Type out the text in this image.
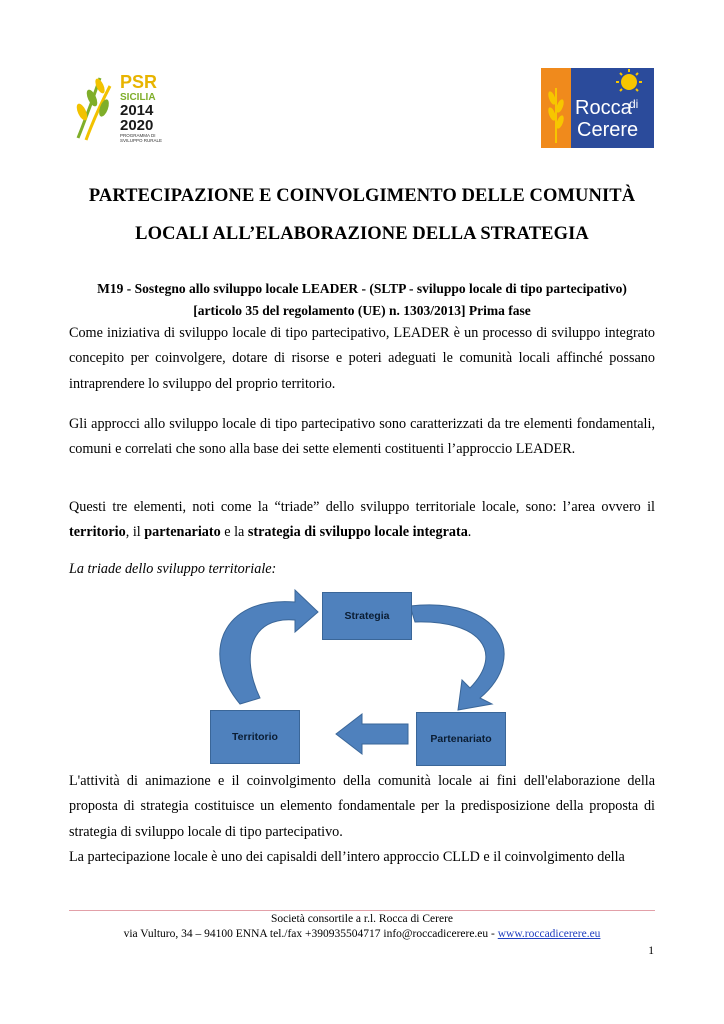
PSR
SICILIA
2014
2020
PROGRAMMA DI
SVILUPPO RURALE
Rocca
di
Cerere
PARTECIPAZIONE E COINVOLGIMENTO DELLE COMUNITÀ
LOCALI ALL’ELABORAZIONE DELLA STRATEGIA
M19 - Sostegno allo sviluppo locale LEADER - (SLTP - sviluppo locale di tipo partecipativo)
[articolo 35 del regolamento (UE) n. 1303/2013] Prima fase
Come iniziativa di sviluppo locale di tipo partecipativo, LEADER è un processo di sviluppo integrato concepito per coinvolgere, dotare di risorse e poteri adeguati le comunità locali affinché possano intraprendere lo sviluppo del proprio territorio.
Gli approcci allo sviluppo locale di tipo partecipativo sono caratterizzati da tre elementi fondamentali, comuni e correlati che sono alla base dei sette elementi costituenti l’approccio LEADER.
Questi tre elementi, noti come la “triade” dello sviluppo territoriale locale, sono: l’area ovvero il territorio, il partenariato e la strategia di sviluppo locale integrata.
La triade dello sviluppo territoriale:
Strategia
Partenariato
Territorio
L'attività di animazione e il coinvolgimento della comunità locale ai fini dell'elaborazione della proposta di strategia costituisce un elemento fondamentale per la predisposizione della proposta di strategia di sviluppo locale di tipo partecipativo.
La partecipazione locale è uno dei capisaldi dell’intero approccio CLLD e il coinvolgimento della
Società consortile a r.l. Rocca di Cerere
via Vulturo, 34 – 94100 ENNA tel./fax +390935504717 info@roccadicerere.eu - www.roccadicerere.eu
1
